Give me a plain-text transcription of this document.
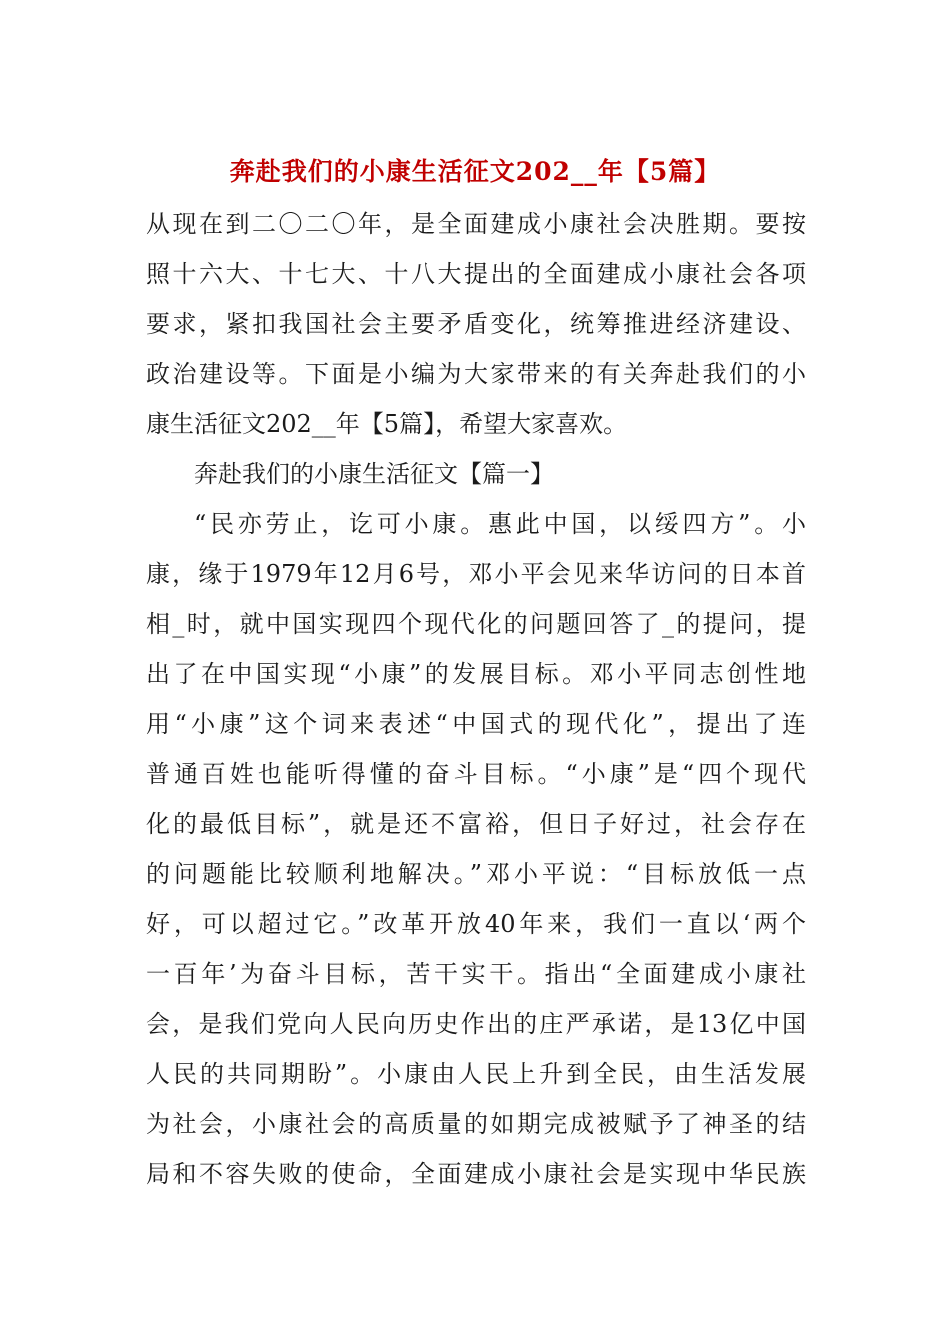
奔赴我们的小康生活征文202__年【5篇】
从现在到二〇二〇年，是全面建成小康社会决胜期。要按
照十六大、十七大、十八大提出的全面建成小康社会各项
要求，紧扣我国社会主要矛盾变化，统筹推进经济建设、
政治建设等。下面是小编为大家带来的有关奔赴我们的小
康生活征文202__年【5篇】，希望大家喜欢。
奔赴我们的小康生活征文【篇一】
“民亦劳止，讫可小康。惠此中国，以绥四方”。小
康，缘于1979年12月6号，邓小平会见来华访问的日本首
相_时，就中国实现四个现代化的问题回答了_的提问，提
出了在中国实现“小康”的发展目标。邓小平同志创性地
用“小康”这个词来表述“中国式的现代化”，提出了连
普通百姓也能听得懂的奋斗目标。“小康”是“四个现代
化的最低目标”，就是还不富裕，但日子好过，社会存在
的问题能比较顺利地解决。”邓小平说：“目标放低一点
好，可以超过它。”改革开放40年来，我们一直以‘两个
一百年’为奋斗目标，苦干实干。指出“全面建成小康社
会，是我们党向人民向历史作出的庄严承诺，是13亿中国
人民的共同期盼”。小康由人民上升到全民，由生活发展
为社会，小康社会的高质量的如期完成被赋予了神圣的结
局和不容失败的使命，全面建成小康社会是实现中华民族
